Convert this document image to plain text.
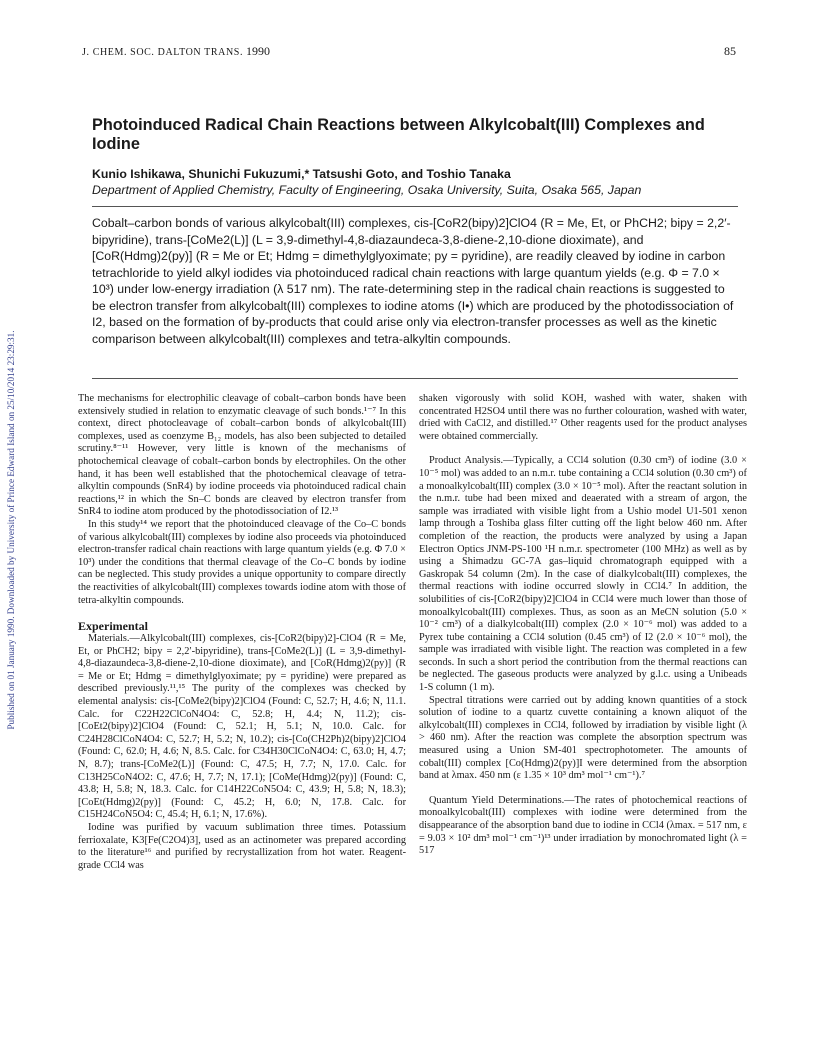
Published on 01 January 1990. Downloaded by University of Prince Edward Island on 25/10/2014 23:29:31.
J. CHEM. SOC. DALTON TRANS. 1990	85
Photoinduced Radical Chain Reactions between Alkylcobalt(III) Complexes and Iodine
Kunio Ishikawa, Shunichi Fukuzumi,* Tatsushi Goto, and Toshio Tanaka
Department of Applied Chemistry, Faculty of Engineering, Osaka University, Suita, Osaka 565, Japan

Cobalt–carbon bonds of various alkylcobalt(III) complexes, cis-[CoR2(bipy)2]ClO4 (R = Me, Et, or PhCH2; bipy = 2,2′-bipyridine), trans-[CoMe2(L)] (L = 3,9-dimethyl-4,8-diazaundeca-3,8-diene-2,10-dione dioximate), and [CoR(Hdmg)2(py)] (R = Me or Et; Hdmg = dimethylglyoximate; py = pyridine), are readily cleaved by iodine in carbon tetrachloride to yield alkyl iodides via photoinduced radical chain reactions with large quantum yields (e.g. Φ = 7.0 × 10³) under low-energy irradiation (λ 517 nm). The rate-determining step in the radical chain reactions is suggested to be electron transfer from alkylcobalt(III) complexes to iodine atoms (I•) which are produced by the photodissociation of I2, based on the formation of by-products that could arise only via electron-transfer processes as well as the kinetic comparison between alkylcobalt(III) complexes and tetra-alkyltin compounds.

The mechanisms for electrophilic cleavage of cobalt–carbon bonds have been extensively studied in relation to enzymatic cleavage of such bonds.¹⁻⁷ In this context, direct photocleavage of cobalt–carbon bonds of alkylcobalt(III) complexes, used as coenzyme B₁₂ models, has also been subjected to detailed scrutiny.⁸⁻¹¹ However, very little is known of the mechanisms of photochemical cleavage of cobalt–carbon bonds by electrophiles. On the other hand, it has been well established that the photochemical cleavage of tetra-alkyltin compounds (SnR4) by iodine proceeds via photoinduced radical chain reactions,¹² in which the Sn–C bonds are cleaved by electron transfer from SnR4 to iodine atom produced by the photodissociation of I2.¹³

In this study¹⁴ we report that the photoinduced cleavage of the Co–C bonds of various alkylcobalt(III) complexes by iodine also proceeds via photoinduced electron-transfer radical chain reactions with large quantum yields (e.g. Φ 7.0 × 10³) under the conditions that thermal cleavage of the Co–C bonds by iodine can be neglected. This study provides a unique opportunity to compare directly the reactivities of alkylcobalt(III) complexes towards iodine atom with those of tetra-alkyltin compounds.

Experimental

Materials.—Alkylcobalt(III) complexes, cis-[CoR2(bipy)2]-ClO4 (R = Me, Et, or PhCH2; bipy = 2,2′-bipyridine), trans-[CoMe2(L)] (L = 3,9-dimethyl-4,8-diazaundeca-3,8-diene-2,10-dione dioximate), and [CoR(Hdmg)2(py)] (R = Me or Et; Hdmg = dimethylglyoximate; py = pyridine) were prepared as described previously.¹¹,¹⁵ The purity of the complexes was checked by elemental analysis: cis-[CoMe2(bipy)2]ClO4 (Found: C, 52.7; H, 4.6; N, 11.1. Calc. for C22H22ClCoN4O4: C, 52.8; H, 4.4; N, 11.2); cis-[CoEt2(bipy)2]ClO4 (Found: C, 52.1; H, 5.1; N, 10.0. Calc. for C24H28ClCoN4O4: C, 52.7; H, 5.2; N, 10.2); cis-[Co(CH2Ph)2(bipy)2]ClO4 (Found: C, 62.0; H, 4.6; N, 8.5. Calc. for C34H30ClCoN4O4: C, 63.0; H, 4.7; N, 8.7); trans-[CoMe2(L)] (Found: C, 47.5; H, 7.7; N, 17.0. Calc. for C13H25CoN4O2: C, 47.6; H, 7.7; N, 17.1); [CoMe(Hdmg)2(py)] (Found: C, 43.8; H, 5.8; N, 18.3. Calc. for C14H22CoN5O4: C, 43.9; H, 5.8; N, 18.3); [CoEt(Hdmg)2(py)] (Found: C, 45.2; H, 6.0; N, 17.8. Calc. for C15H24CoN5O4: C, 45.4; H, 6.1; N, 17.6%).

Iodine was purified by vacuum sublimation three times. Potassium ferrioxalate, K3[Fe(C2O4)3], used as an actinometer was prepared according to the literature¹⁶ and purified by recrystallization from hot water. Reagent-grade CCl4 was

shaken vigorously with solid KOH, washed with water, shaken with concentrated H2SO4 until there was no further colouration, washed with water, dried with CaCl2, and distilled.¹⁷ Other reagents used for the product analyses were obtained commercially.

Product Analysis.—Typically, a CCl4 solution (0.30 cm³) of iodine (3.0 × 10⁻⁵ mol) was added to an n.m.r. tube containing a CCl4 solution (0.30 cm³) of a monoalkylcobalt(III) complex (3.0 × 10⁻⁵ mol). After the reactant solution in the n.m.r. tube had been mixed and deaerated with a stream of argon, the sample was irradiated with visible light from a Ushio model U1-501 xenon lamp through a Toshiba glass filter cutting off the light below 460 nm. After completion of the reaction, the products were analyzed by using a Japan Electron Optics JNM-PS-100 ¹H n.m.r. spectrometer (100 MHz) as well as by using a Shimadzu GC-7A gas–liquid chromatograph equipped with a Gaskropak 54 column (2m). In the case of dialkylcobalt(III) complexes, the thermal reactions with iodine occurred slowly in CCl4.⁷ In addition, the solubilities of cis-[CoR2(bipy)2]ClO4 in CCl4 were much lower than those of monoalkylcobalt(III) complexes. Thus, as soon as an MeCN solution (5.0 × 10⁻² cm³) of a dialkylcobalt(III) complex (2.0 × 10⁻⁶ mol) was added to a Pyrex tube containing a CCl4 solution (0.45 cm³) of I2 (2.0 × 10⁻⁶ mol), the sample was irradiated with visible light. The reaction was completed in a few seconds. In such a short period the contribution from the thermal reactions can be neglected. The gaseous products were analyzed by g.l.c. using a Unibeads 1-S column (1 m).

Spectral titrations were carried out by adding known quantities of a stock solution of iodine to a quartz cuvette containing a known aliquot of the alkylcobalt(III) complexes in CCl4, followed by irradiation by visible light (λ > 460 nm). After the reaction was complete the absorption spectrum was measured using a Union SM-401 spectrophotometer. The amounts of cobalt(III) complex [Co(Hdmg)2(py)]I were determined from the absorption band at λmax. 450 nm (ε 1.35 × 10³ dm³ mol⁻¹ cm⁻¹).⁷

Quantum Yield Determinations.—The rates of photochemical reactions of monoalkylcobalt(III) complexes with iodine were determined from the disappearance of the absorption band due to iodine in CCl4 (λmax. = 517 nm, ε = 9.03 × 10² dm³ mol⁻¹ cm⁻¹)¹³ under irradiation by monochromated light (λ = 517
